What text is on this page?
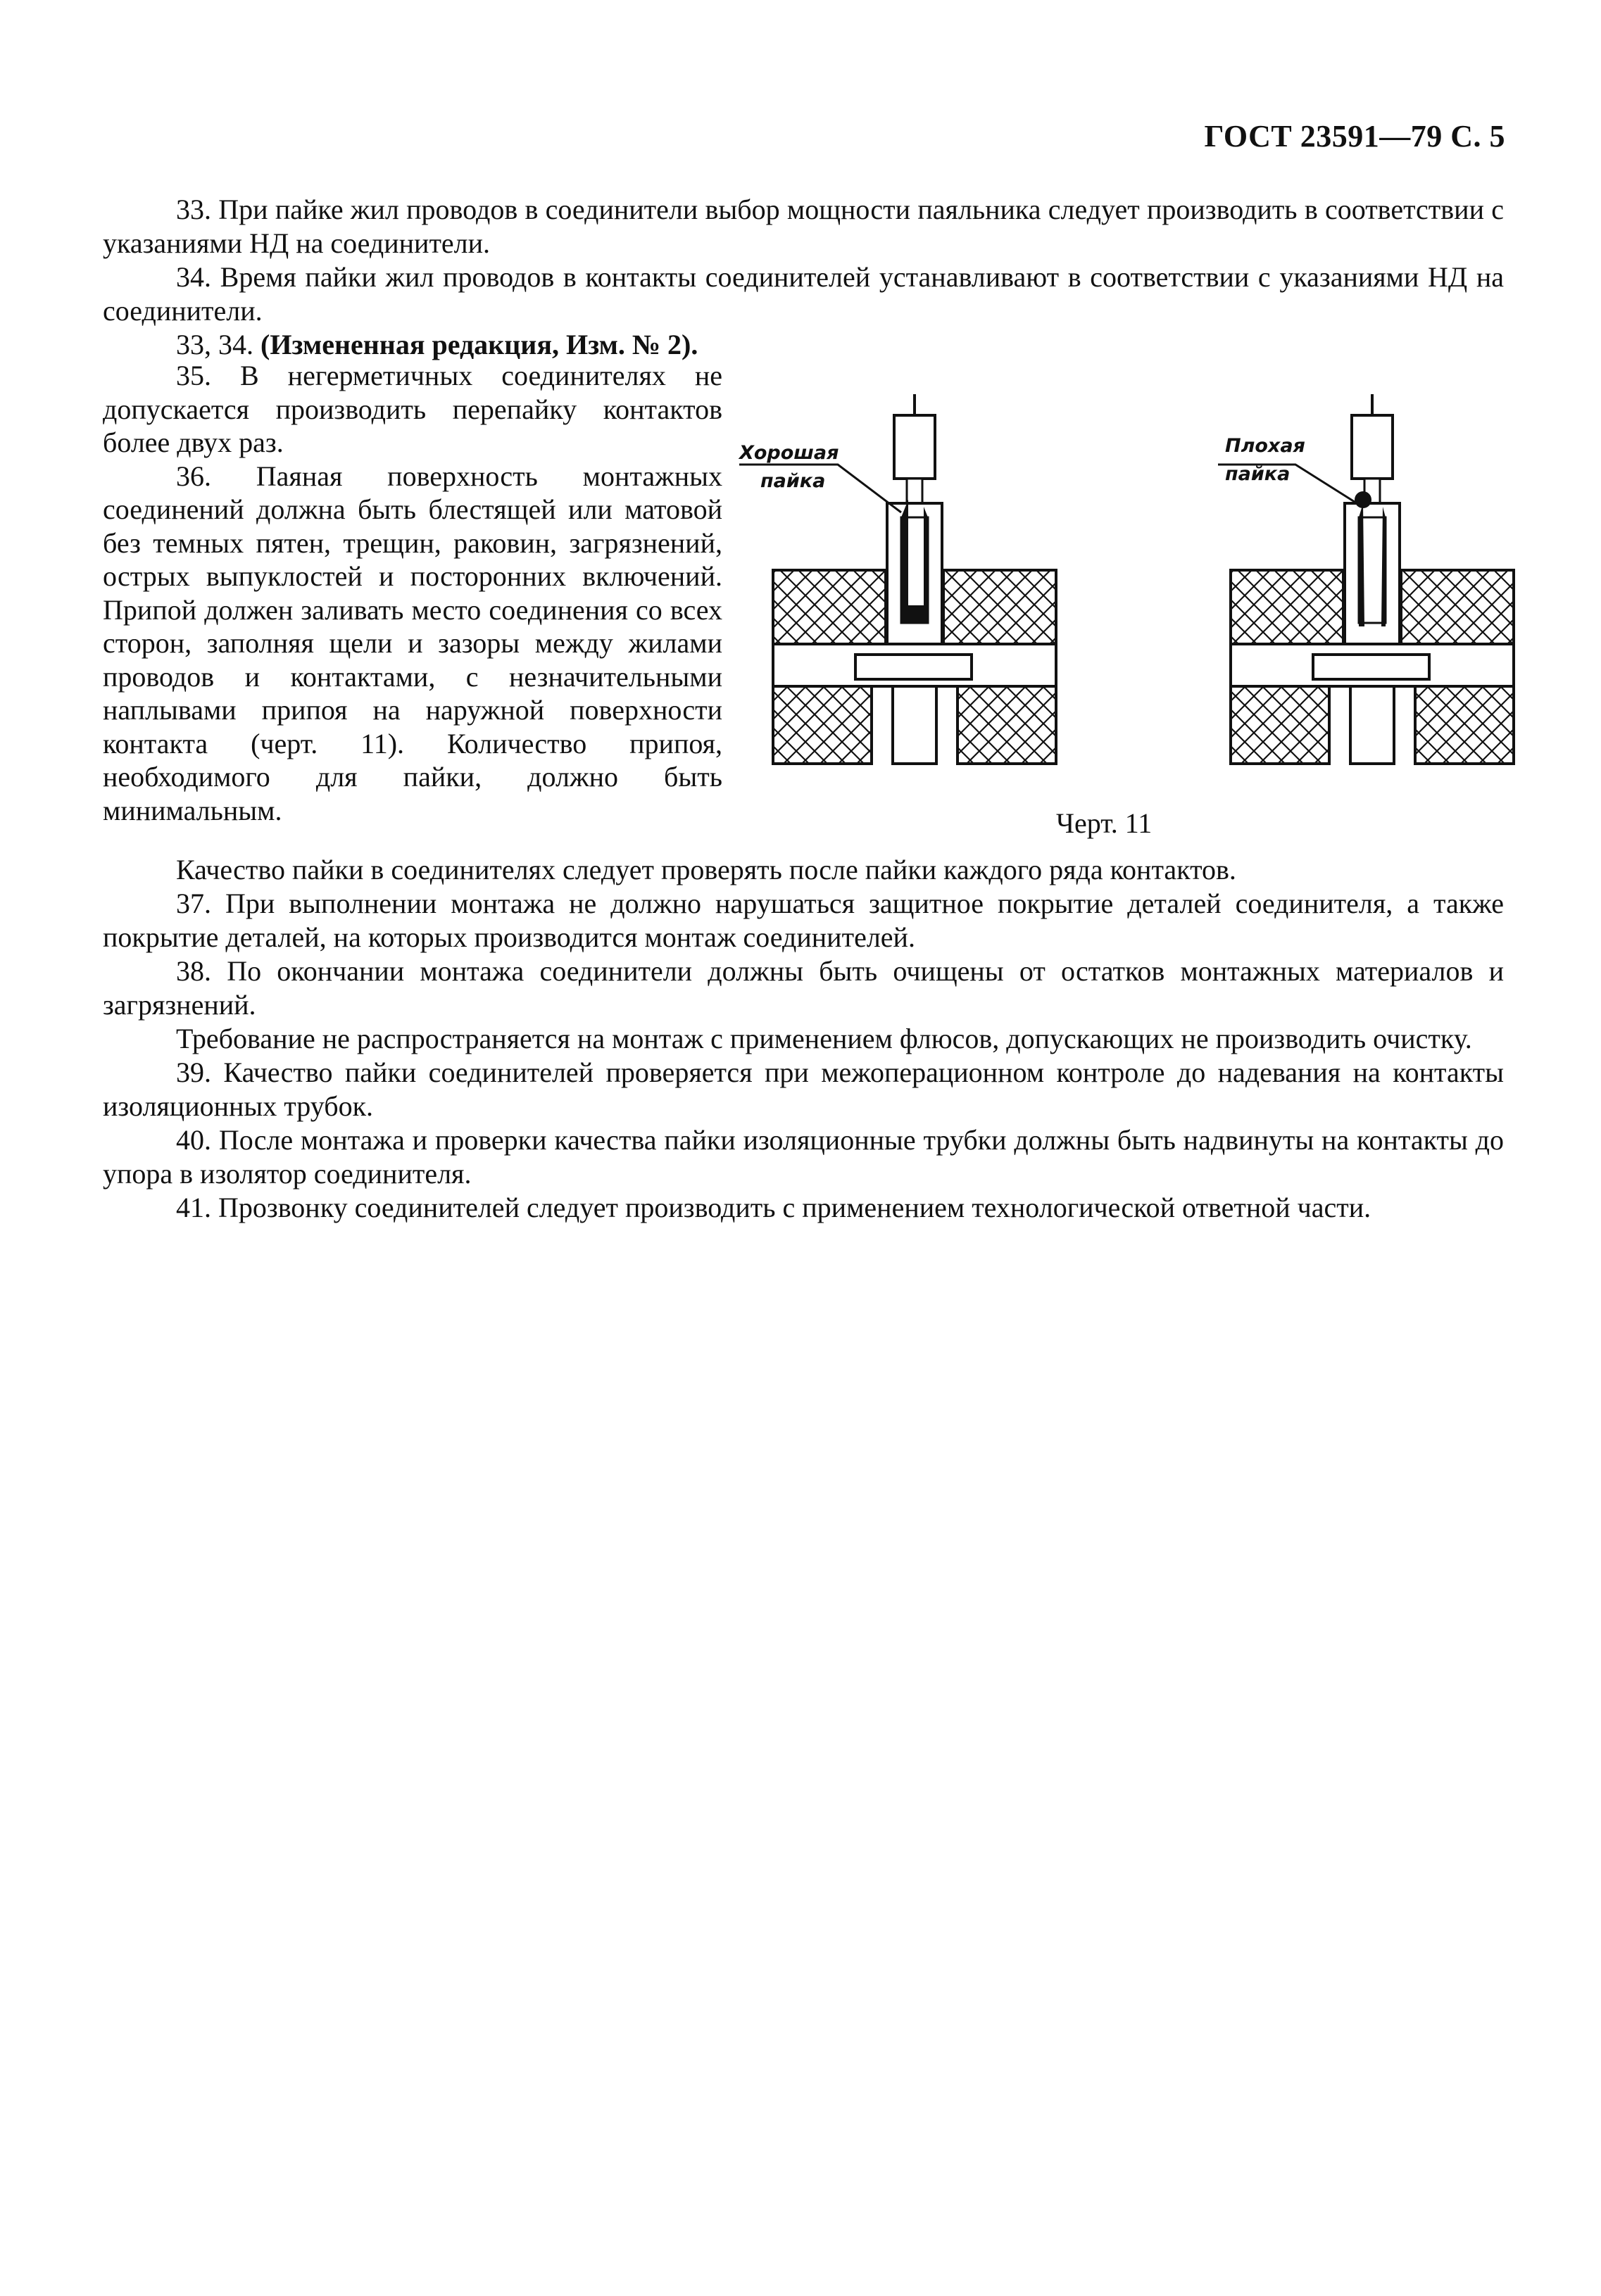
ГОСТ 23591—79 С. 5

33. При пайке жил проводов в соединители выбор мощности паяльника следует производить в соответствии с указаниями НД на соединители.

34. Время пайки жил проводов в контакты соединителей устанавливают в соответствии с указаниями НД на соединители.

33, 34. (Измененная редакция, Изм. № 2).

35. В негерметичных соединителях не допускается производить перепайку контактов более двух раз.

36. Паяная поверхность монтажных соединений должна быть блестящей или матовой без темных пятен, трещин, раковин, загрязнений, острых выпуклостей и посторонних включений. Припой должен заливать место соединения со всех сторон, заполняя щели и зазоры между жилами проводов и контактами, с незначительными наплывами припоя на наружной поверхности контакта (черт. 11). Количество припоя, необходимого для пайки, должно быть минимальным.

Хорошая
пайка
Плохая
пайка
Черт. 11

Качество пайки в соединителях следует проверять после пайки каждого ряда контактов.

37. При выполнении монтажа не должно нарушаться защитное покрытие деталей соединителя, а также покрытие деталей, на которых производится монтаж соединителей.

38. По окончании монтажа соединители должны быть очищены от остатков монтажных материалов и загрязнений.

Требование не распространяется на монтаж с применением флюсов, допускающих не производить очистку.

39. Качество пайки соединителей проверяется при межоперационном контроле до надевания на контакты изоляционных трубок.

40. После монтажа и проверки качества пайки изоляционные трубки должны быть надвинуты на контакты до упора в изолятор соединителя.

41. Прозвонку соединителей следует производить с применением технологической ответной части.
